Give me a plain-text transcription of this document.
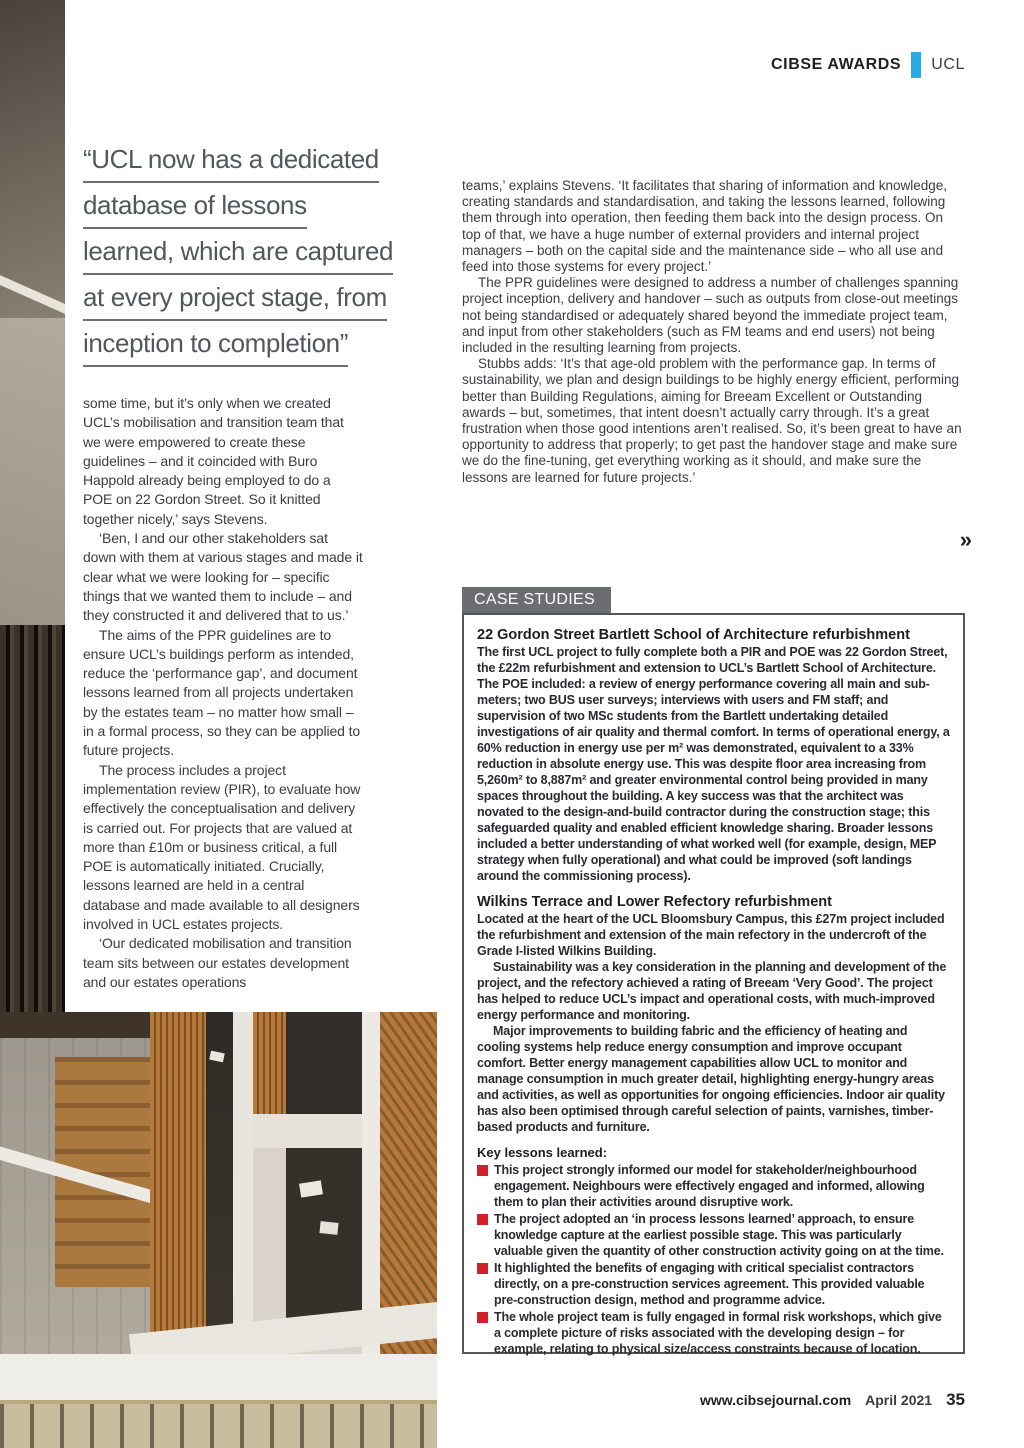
CIBSE AWARDS UCL
“UCL now has a dedicated
database of lessons
learned, which are captured
at every project stage, from
inception to completion”

some time, but it’s only when we created UCL’s mobilisation and transition team that we were empowered to create these guidelines – and it coincided with Buro Happold already being employed to do a POE on 22 Gordon Street. So it knitted together nicely,’ says Stevens.

‘Ben, I and our other stakeholders sat down with them at various stages and made it clear what we were looking for – specific things that we wanted them to include – and they constructed it and delivered that to us.’

The aims of the PPR guidelines are to ensure UCL’s buildings perform as intended, reduce the ‘performance gap’, and document lessons learned from all projects undertaken by the estates team – no matter how small – in a formal process, so they can be applied to future projects.

The process includes a project implementation review (PIR), to evaluate how effectively the conceptualisation and delivery is carried out. For projects that are valued at more than £10m or business critical, a full POE is automatically initiated. Crucially, lessons learned are held in a central database and made available to all designers involved in UCL estates projects.

‘Our dedicated mobilisation and transition team sits between our estates development and our estates operations

teams,’ explains Stevens. ‘It facilitates that sharing of information and knowledge, creating standards and standardisation, and taking the lessons learned, following them through into operation, then feeding them back into the design process. On top of that, we have a huge number of external providers and internal project managers – both on the capital side and the maintenance side – who all use and feed into those systems for every project.’

The PPR guidelines were designed to address a number of challenges spanning project inception, delivery and handover – such as outputs from close-out meetings not being standardised or adequately shared beyond the immediate project team, and input from other stakeholders (such as FM teams and end users) not being included in the resulting learning from projects.

Stubbs adds: ‘It’s that age-old problem with the performance gap. In terms of sustainability, we plan and design buildings to be highly energy efficient, performing better than Building Regulations, aiming for Breeam Excellent or Outstanding awards – but, sometimes, that intent doesn’t actually carry through. It’s a great frustration when those good intentions aren’t realised. So, it’s been great to have an opportunity to address that properly; to get past the handover stage and make sure we do the fine-tuning, get everything working as it should, and make sure the lessons are learned for future projects.’

»
CASE STUDIES

22 Gordon Street Bartlett School of Architecture refurbishment

The first UCL project to fully complete both a PIR and POE was 22 Gordon Street, the £22m refurbishment and extension to UCL’s Bartlett School of Architecture. The POE included: a review of energy performance covering all main and sub-meters; two BUS user surveys; interviews with users and FM staff; and supervision of two MSc students from the Bartlett undertaking detailed investigations of air quality and thermal comfort. In terms of operational energy, a 60% reduction in energy use per m² was demonstrated, equivalent to a 33% reduction in absolute energy use. This was despite floor area increasing from 5,260m² to 8,887m² and greater environmental control being provided in many spaces throughout the building. A key success was that the architect was novated to the design-and-build contractor during the construction stage; this safeguarded quality and enabled efficient knowledge sharing. Broader lessons included a better understanding of what worked well (for example, design, MEP strategy when fully operational) and what could be improved (soft landings around the commissioning process).

Wilkins Terrace and Lower Refectory refurbishment

Located at the heart of the UCL Bloomsbury Campus, this £27m project included the refurbishment and extension of the main refectory in the undercroft of the Grade I-listed Wilkins Building.

Sustainability was a key consideration in the planning and development of the project, and the refectory achieved a rating of Breeam ‘Very Good’. The project has helped to reduce UCL’s impact and operational costs, with much-improved energy performance and monitoring.

Major improvements to building fabric and the efficiency of heating and cooling systems help reduce energy consumption and improve occupant comfort. Better energy management capabilities allow UCL to monitor and manage consumption in much greater detail, highlighting energy-hungry areas and activities, as well as opportunities for ongoing efficiencies. Indoor air quality has also been optimised through careful selection of paints, varnishes, timber-based products and furniture.

Key lessons learned:

This project strongly informed our model for stakeholder/neighbourhood engagement. Neighbours were effectively engaged and informed, allowing them to plan their activities around disruptive work.
The project adopted an ‘in process lessons learned’ approach, to ensure knowledge capture at the earliest possible stage. This was particularly valuable given the quantity of other construction activity going on at the time.
It highlighted the benefits of engaging with critical specialist contractors directly, on a pre-construction services agreement. This provided valuable pre-construction design, method and programme advice.
The whole project team is fully engaged in formal risk workshops, which give a complete picture of risks associated with the developing design – for example, relating to physical size/access constraints because of location.
www.cibsejournal.com April 2021 35
